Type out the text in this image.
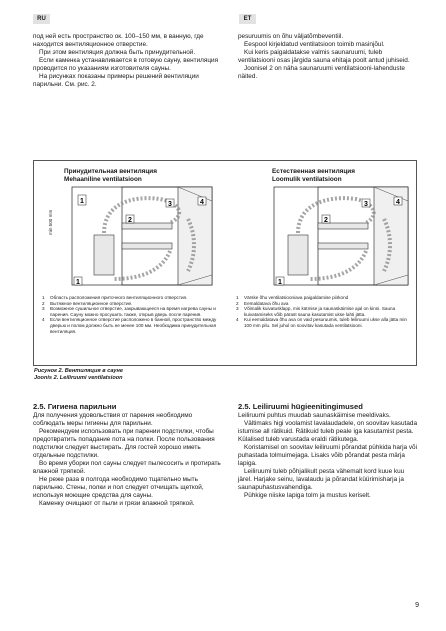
RU	ET

под ней есть пространство ок. 100–150 мм, в ванную, где находится вентиляционное отверстие.

При этом вентиляция должна быть принудительной.

Если каменка устанавливается в готовую сауну, вентиляция проводится по указаниям изготовителя сауны.

На рисунках показаны примеры решений вентиляции парильни. См. рис. 2.

pesuruumis on õhu väljatõmbeventiil.

Eespool kirjeldatud ventilatsioon toimib masinjõul.

Kui keris paigaldatakse valmis saunaruumi, tuleb ventilatsiooni osas järgida sauna ehitaja poolt antud juhiseid.

Joonisel 2 on näha saunaruumi ventilatsiooni-lahenduste näited.

Принудительная вентиляция
Mehaaniline ventilatsioon
Естественная вентиляция
Loomulik ventilatsioon
1	3
2
4
1
min 500 mm
3
2
4
1
1	Область расположения приточного вентиляционного отверстия.
2	Вытяжное вентиляционное отверстие.
3	Возможное сушильное отверстие, закрывающееся на время нагрева сауны и парения. Сауну можно просушить также, открыв дверь после парения.
4	Если вентиляционное отверстие расположено в банной, пространство между дверью и полом должно быть не менее 100 мм. Необходима принудительная вентиляция.
1	Värske õhu ventilatsiooniava paigaldamise piirkond
2	Eemaldatava õhu ava
3	Võimalik kuivatusklapp, mis kütmise ja saunaskäimise ajal on kinni. Sauna kuivatamiseks võib pärast sauna kasutamist ukse lahti jätta.
4	Kui eemaldatava õhu ava on vaid pesuruumis, tuleb leiliruumi ukse alla jätta min 100 mm pilu. Sel juhul on soovitav kasutada ventilatsiooni.
Рисунок 2. Вентиляция в сауне
Joonis 2. Leiliruumi ventilatsioon
2.5. Гигиена парильни

Для получения удовольствия от парения необходимо соблюдать меры гигиены для парильни.

Рекомендуем использовать при парении подстилки, чтобы предотвратить попадание пота на полки. После пользования подстилки следует выстирать. Для гостей хорошо иметь отдельные подстилки.

Во время уборки пол сауны следует пылесосить и протирать влажной тряпкой.

Не реже раза в полгода необходимо тщательно мыть парильню. Стены, полки и пол следует отчищать щеткой, используя моющие средства для сауны.

Каменку очищают от пыли и грязи влажной тряпкой.

2.5. Leiliruumi hügieenitingimused

Leiliruumi puhtus muudab saunaskäimise meeldivaks.

Vältimaks higi voolamist lavalaudadele, on soovitav kasutada istumise all rätikuid. Rätikuid tuleb peale iga kasutamist pesta. Külalised tuleb varustada eraldi rätikutega.

Koristamisel on soovitav leiliruumi põrandat pühkida harja või puhastada tolmuimejaga. Lisaks võib põrandat pesta märja lapiga.

Leiliruumi tuleb põhjalikult pesta vähemalt kord kuue kuu järel. Harjake seinu, lavalaudu ja põrandat küürimisharja ja saunapuhastusvahendiga.

Pühkige niiske lapiga tolm ja mustus keriselt.

9
